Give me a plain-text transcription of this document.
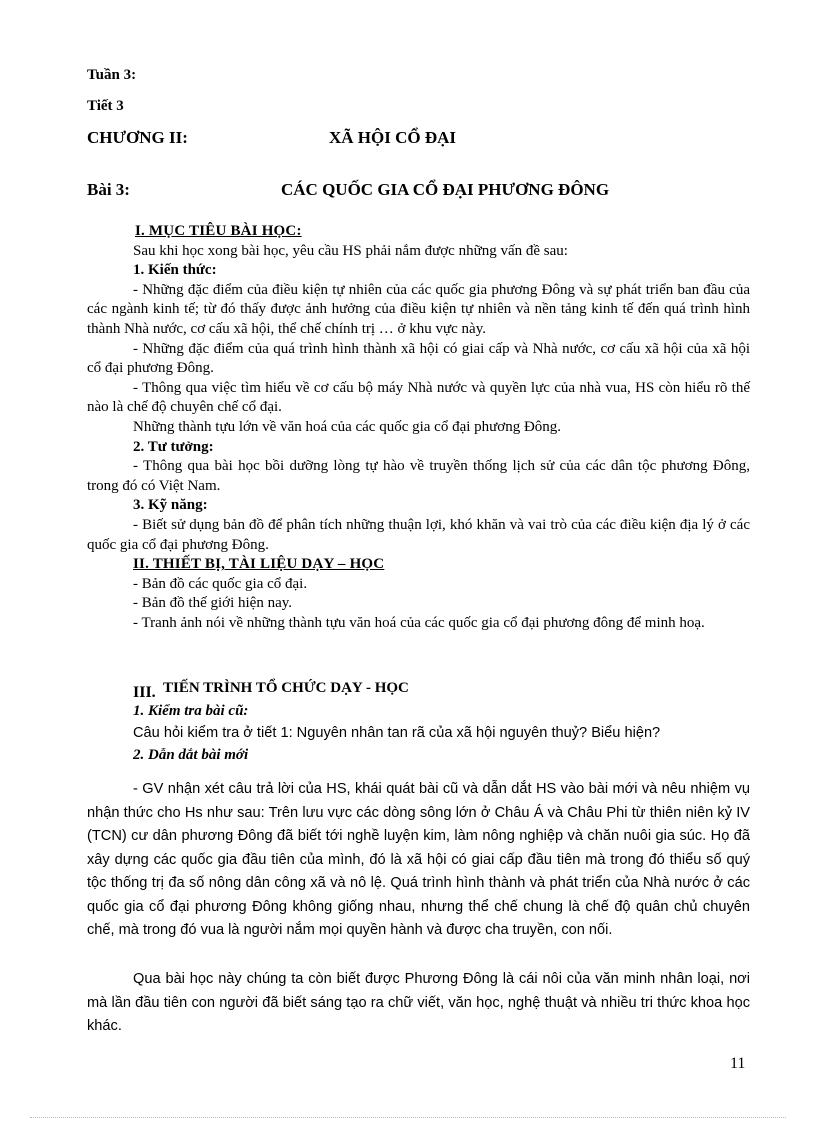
Tuần 3:
Tiết 3
CHƯƠNG II:	XÃ HỘI CỔ ĐẠI
Bài 3:	CÁC QUỐC GIA CỔ ĐẠI PHƯƠNG ĐÔNG

I. MỤC TIÊU BÀI HỌC:

Sau khi học xong bài học, yêu cầu HS phải nắm được những vấn đề sau:

1. Kiến thức:

- Những đặc điểm của điều kiện tự nhiên của các quốc gia phương Đông và sự phát triển ban đầu của các ngành kinh tế; từ đó thấy được ảnh hưởng của điều kiện tự nhiên và nền tảng kinh tế đến quá trình hình thành Nhà nước, cơ cấu xã hội, thể chế chính trị … ở khu vực này.

- Những đặc điểm của quá trình hình thành xã hội có giai cấp và Nhà nước, cơ cấu xã hội của xã hội cổ đại phương Đông.

- Thông qua việc tìm hiểu về cơ cấu bộ máy Nhà nước và quyền lực của nhà vua, HS còn hiểu rõ thế nào là chế độ chuyên chế cổ đại.

Những thành tựu lớn về văn hoá của các quốc gia cổ đại phương Đông.

2. Tư tưởng:

- Thông qua bài học bồi dưỡng lòng tự hào về truyền thống lịch sử của các dân tộc phương Đông, trong đó có Việt Nam.

3. Kỹ năng:

- Biết sử dụng bản đồ để phân tích những thuận lợi, khó khăn và vai trò của các điều kiện địa lý ở các quốc gia cổ đại phương Đông.

II. THIẾT BỊ, TÀI LIỆU DẠY – HỌC

- Bản đồ các quốc gia cổ đại.

- Bản đồ thế giới hiện nay.

- Tranh ảnh nói về những thành tựu văn hoá của các quốc gia cổ đại phương đông để minh hoạ.

III. TIẾN TRÌNH TỔ CHỨC DẠY - HỌC
1. Kiểm tra bài cũ:
Câu hỏi kiểm tra ở tiết 1: Nguyên nhân tan rã của xã hội nguyên thuỷ? Biểu hiện?
2. Dẫn dắt bài mới

- GV nhận xét câu trả lời của HS, khái quát bài cũ và dẫn dắt HS vào bài mới và nêu nhiệm vụ nhận thức cho Hs như sau: Trên lưu vực các dòng sông lớn ở Châu Á và Châu Phi từ thiên niên kỷ IV (TCN) cư dân phương Đông đã biết tới nghề luyện kim, làm nông nghiệp và chăn nuôi gia súc. Họ đã xây dựng các quốc gia đầu tiên của mình, đó là xã hội có giai cấp đầu tiên mà trong đó thiểu số quý tộc thống trị đa số nông dân công xã và nô lệ. Quá trình hình thành và phát triển của Nhà nước ở các quốc gia cổ đại phương Đông không giống nhau, nhưng thể chế chung là chế độ quân chủ chuyên chế, mà trong đó vua là người nắm mọi quyền hành và được cha truyền, con nối.

Qua bài học này chúng ta còn biết được Phương Đông là cái nôi của văn minh nhân loại, nơi mà lần đầu tiên con người đã biết sáng tạo ra chữ viết, văn học, nghệ thuật và nhiều tri thức khoa học khác.

11
